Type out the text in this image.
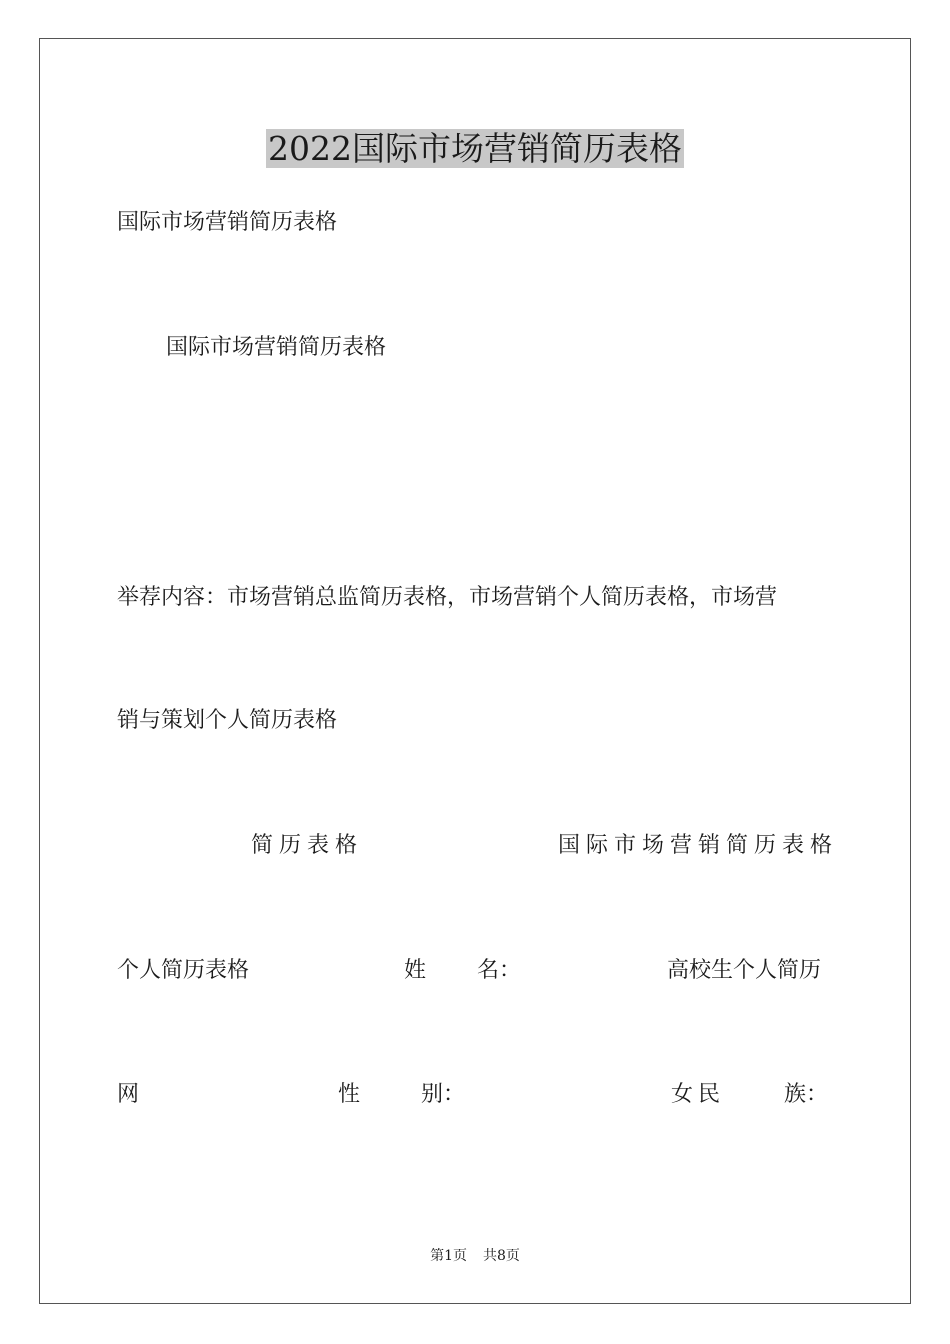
2022国际市场营销简历表格
国际市场营销简历表格
国际市场营销简历表格
举荐内容：市场营销总监简历表格，市场营销个人简历表格，市场营
销与策划个人简历表格
简历表格	国际市场营销简历表格
个人简历表格	姓 名：	高校生个人简历
网	性	别：	女 民	族：
第1页 共8页
